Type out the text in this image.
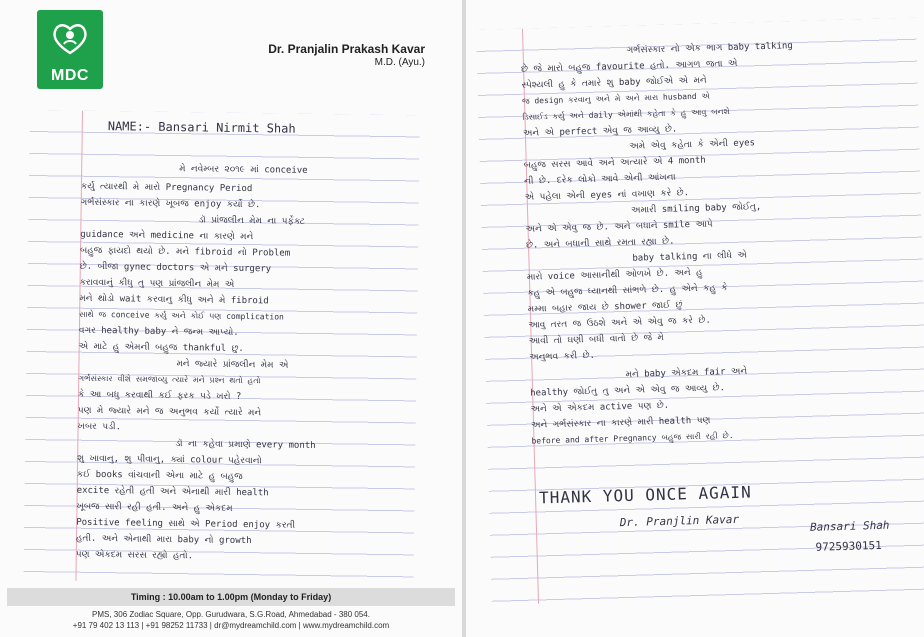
MDC
Dr. Pranjalin Prakash Kavar
M.D. (Ayu.)
NAME:- Bansari Nirmit Shah
મે નવેમ્બર ૨૦૧૯ માં conceive
કર્યુ ત્યારથી મે મારો Pregnancy Period
ગર્ભસંસ્કાર ના કારણે ખૂબજ enjoy કર્યો છે.
ડૉ પ્રાંજલીન મેમ ના પર્ફેક્ટ
guidance અને medicine ના કારણે મને
બહુજ ફાયદો થયો છે. મને fibroid નો Problem
છે. બીજા gynec doctors એ મને surgery
કરાવવાનું કીધુ તુ પણ પ્રાંજલીન મેમ એ
મને થોડો wait કરવાનુ કીધુ અને મે fibroid
સાથે જ conceive કર્યુ અને કોઈ પણ complication
વગર healthy baby ને જન્મ આપ્યો.
એ માટે હુ એમની બહુજ thankful છુ.
મને જ્યારે પ્રાંજલીન મેમ એ
ગર્ભસંસ્કાર વીશે સમજાવ્યુ ત્યારે મને પ્રશ્ન થતો હતો
કે આ બધુ કરવાથી કઈ ફરક પડે ખરો ?
પણ મે જ્યારે મને જ અનુભવ કર્યો ત્યારે મને
ખબર પડી.
ડૉ ના કહેવા પ્રમાણે every month
શુ ખાવાનુ, શુ પીવાનુ, ક્યાં colour પહેરવાનો
કઈ books વાંચવાની એના માટે હુ બહુજ
excite રહેતી હતી અને એનાથી મારી health
ખૂબજ સારી રહી હતી. અને હુ એકદમ
Positive feeling સાથે એ Period enjoy કરતી
હતી. અને એનાથી મારા baby નો growth
પણ એકદમ સરસ રહ્યો હતો.
Timing : 10.00am to 1.00pm (Monday to Friday)
PMS, 306 Zodiac Square, Opp. Gurudwara, S.G.Road, Ahmedabad - 380 054.
+91 79 402 13 113 | +91 98252 11733 | dr@mydreamchild.com | www.mydreamchild.com
ગર્ભસંસ્કાર નો એક ભાગ baby talking
છે જે મારો બહુજ favourite હતો. આગળ જતા એ
સ્પેશ્યલી હુ કે તમારે શુ baby જોઈએ એ મને
જ design કરવાનુ અને મે અને મારા husband એ
ડિસાઈડ કર્યુ અને daily એમાંથી કહેતા કે હુ આવુ બનશે
અને એ perfect એવુ જ આવ્યુ છે.
અમે એવુ કહેતા કે એની eyes
બહુજ સરસ આવે અને અત્યારે એ 4 month
ની છે. દરેક લોકો આવે એની આંખના
એ પહેલા એની eyes નાં વખાણ કરે છે.
અમારી smiling baby જોઈતુ,
અને એ એવુ જ છે. અને બધાને smile આપે
છે. અને બધાની સાથે રમતા રહ્યા છે.
baby talking ના લીધે એ
મારો voice આસાનીથી ઓળખે છે. અને હુ
કહુ એ બહુજ ધ્યાનથી સાંભળે છે. હુ એને કહુ કે
મમ્મા બહાર જાય છે shower જાઈ છું
આવુ તરત જ ઉઠશે અને એ એવુ જ કરે છે.
આવી તો ઘણી બધી વાતો છે જે મે
અનુભવ કરી છે.
મને baby એકદમ fair અને
healthy જોઈતુ તુ અને એ એવુ જ આવ્યુ છે.
અને એ એકદમ active પણ છે.
અને ગર્ભસંસ્કાર ના કારણે મારી health પણ
before and after Pregnancy બહુજ સારી રહી છે.
THANK YOU ONCE AGAIN
Dr. Pranjlin Kavar	Bansari Shah
9725930151
